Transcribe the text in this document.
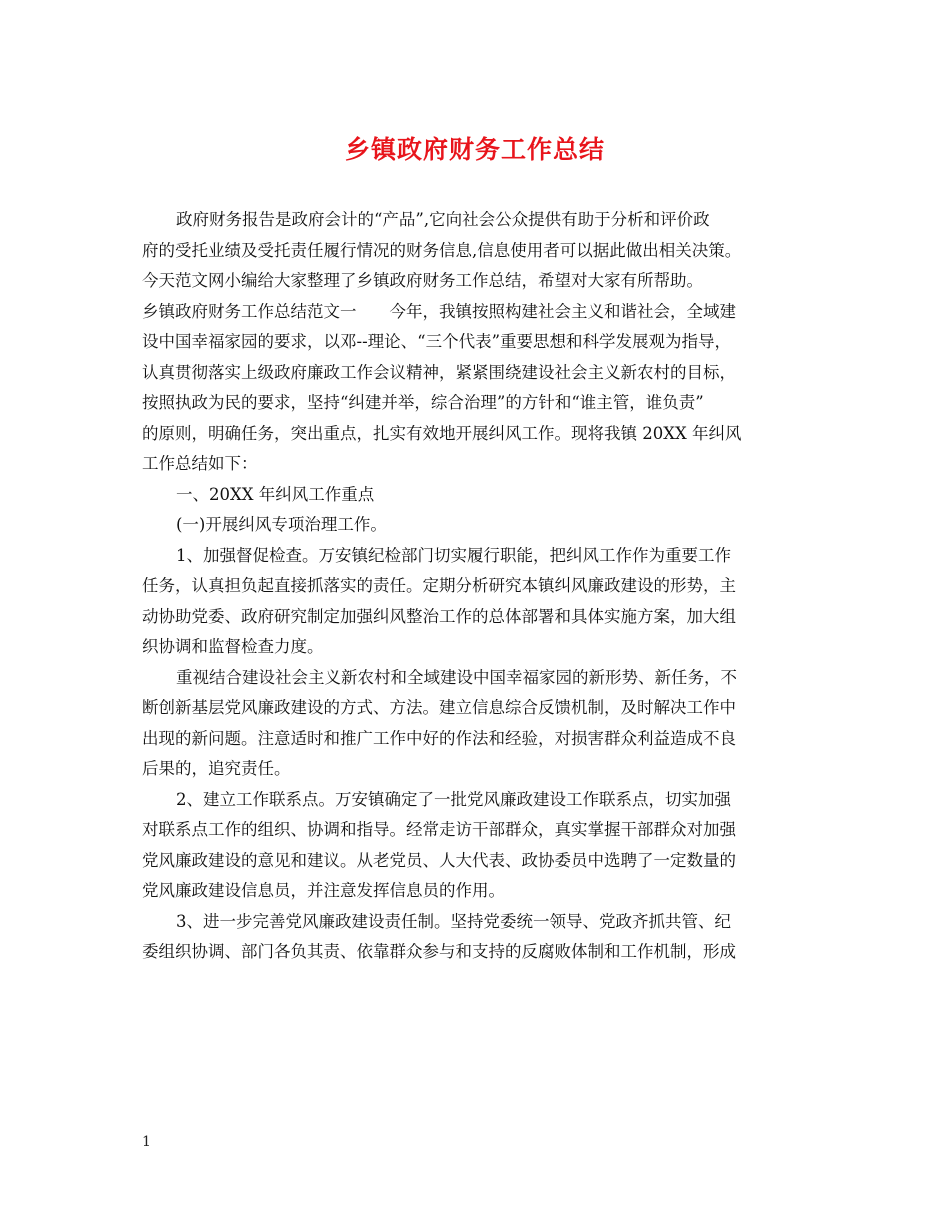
乡镇政府财务工作总结
政府财务报告是政府会计的“产品”,它向社会公众提供有助于分析和评价政
府的受托业绩及受托责任履行情况的财务信息,信息使用者可以据此做出相关决策。
今天范文网小编给大家整理了乡镇政府财务工作总结，希望对大家有所帮助。
乡镇政府财务工作总结范文一　　今年，我镇按照构建社会主义和谐社会，全域建
设中国幸福家园的要求，以邓--理论、“三个代表”重要思想和科学发展观为指导，
认真贯彻落实上级政府廉政工作会议精神，紧紧围绕建设社会主义新农村的目标，
按照执政为民的要求，坚持“纠建并举，综合治理”的方针和“谁主管，谁负责”
的原则，明确任务，突出重点，扎实有效地开展纠风工作。现将我镇 20XX 年纠风
工作总结如下：
一、20XX 年纠风工作重点
(一)开展纠风专项治理工作。
1、加强督促检查。万安镇纪检部门切实履行职能，把纠风工作作为重要工作
任务，认真担负起直接抓落实的责任。定期分析研究本镇纠风廉政建设的形势，主
动协助党委、政府研究制定加强纠风整治工作的总体部署和具体实施方案，加大组
织协调和监督检查力度。
重视结合建设社会主义新农村和全域建设中国幸福家园的新形势、新任务，不
断创新基层党风廉政建设的方式、方法。建立信息综合反馈机制，及时解决工作中
出现的新问题。注意适时和推广工作中好的作法和经验，对损害群众利益造成不良
后果的，追究责任。
2、建立工作联系点。万安镇确定了一批党风廉政建设工作联系点，切实加强
对联系点工作的组织、协调和指导。经常走访干部群众，真实掌握干部群众对加强
党风廉政建设的意见和建议。从老党员、人大代表、政协委员中选聘了一定数量的
党风廉政建设信息员，并注意发挥信息员的作用。
3、进一步完善党风廉政建设责任制。坚持党委统一领导、党政齐抓共管、纪
委组织协调、部门各负其责、依靠群众参与和支持的反腐败体制和工作机制，形成
1
